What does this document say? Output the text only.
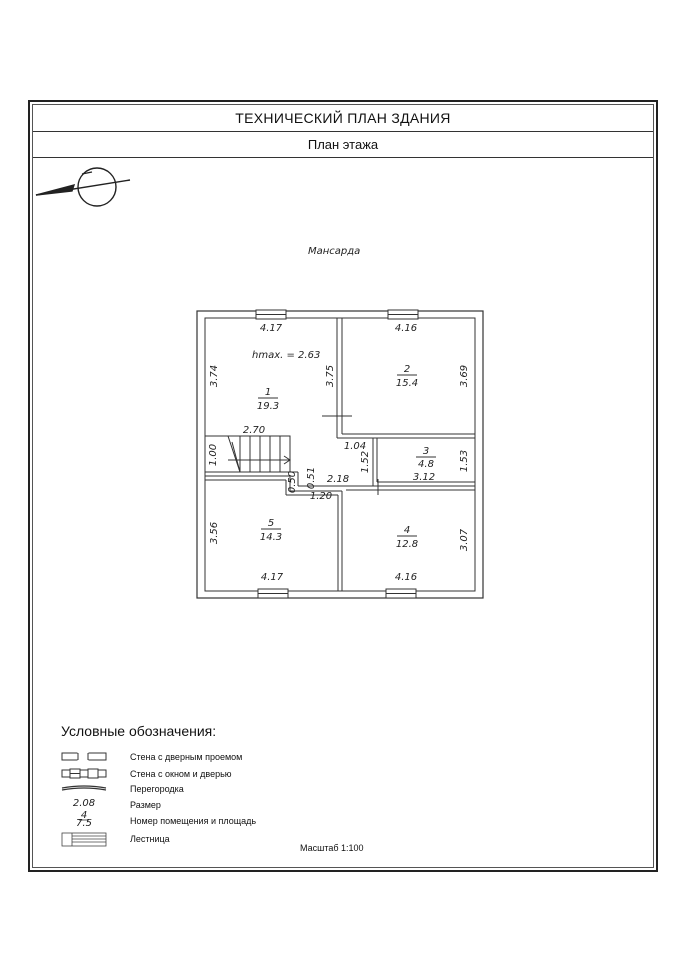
ТЕХНИЧЕСКИЙ ПЛАН ЗДАНИЯ
План этажа
Мансарда
1
19.3
2
15.4
3
4.8
4
12.8
5
14.3
hmax. = 2.63
4.17
3.74	3.75
4.16
3.69
2.70
1.00	1.04
1.52	1.53
3.12
0.50 0.51 2.18
1.20
3.56
4.17
3.07
4.16
2.08
4
7.5
Условные обозначения:
Стена с дверным проемом
Стена с окном и дверью
Перегородка
Размер
Номер помещения и площадь
Лестница
Масштаб 1:100
